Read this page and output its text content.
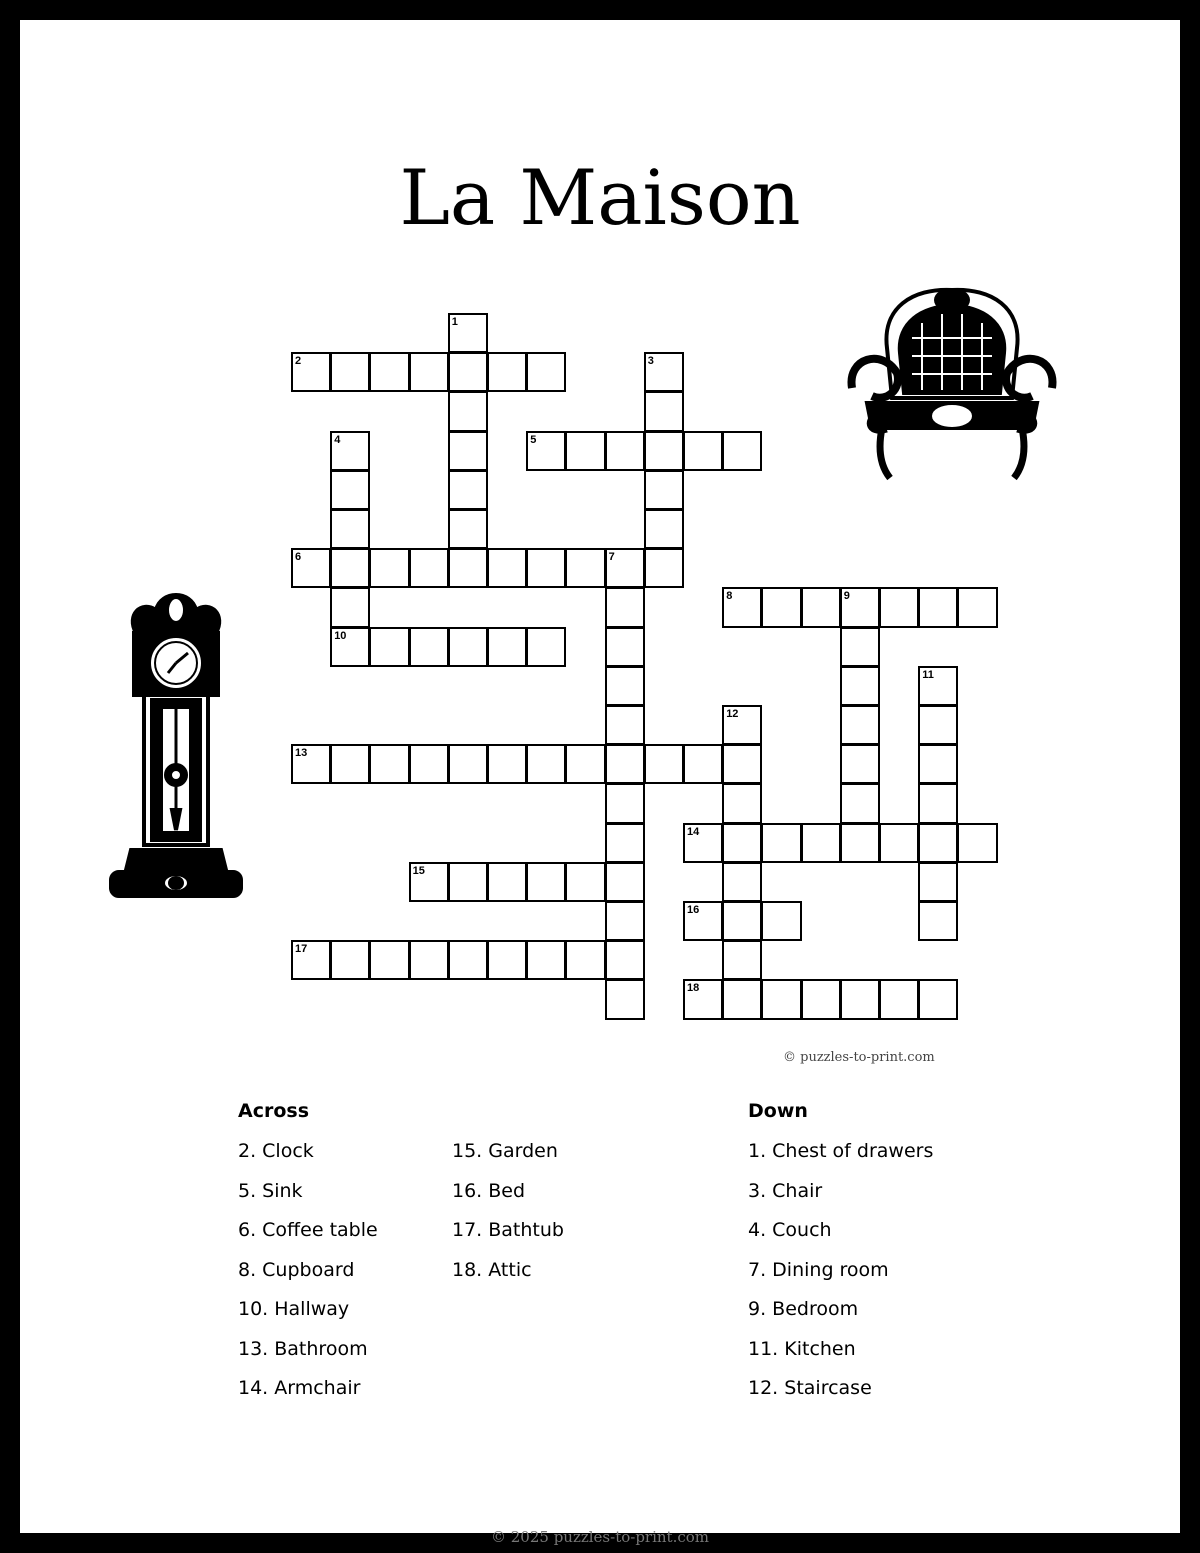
La Maison
1
2	3
4
10
5
6	7
8	9
11
12
13
14
15
16
17
18
© puzzles-to-print.com
Across
2. Clock
5. Sink
6. Coffee table
8. Cupboard
10. Hallway
13. Bathroom
14. Armchair
15. Garden
16. Bed
17. Bathtub
18. Attic
Down
1. Chest of drawers
3. Chair
4. Couch
7. Dining room
9. Bedroom
11. Kitchen
12. Staircase
© 2025 puzzles-to-print.com
